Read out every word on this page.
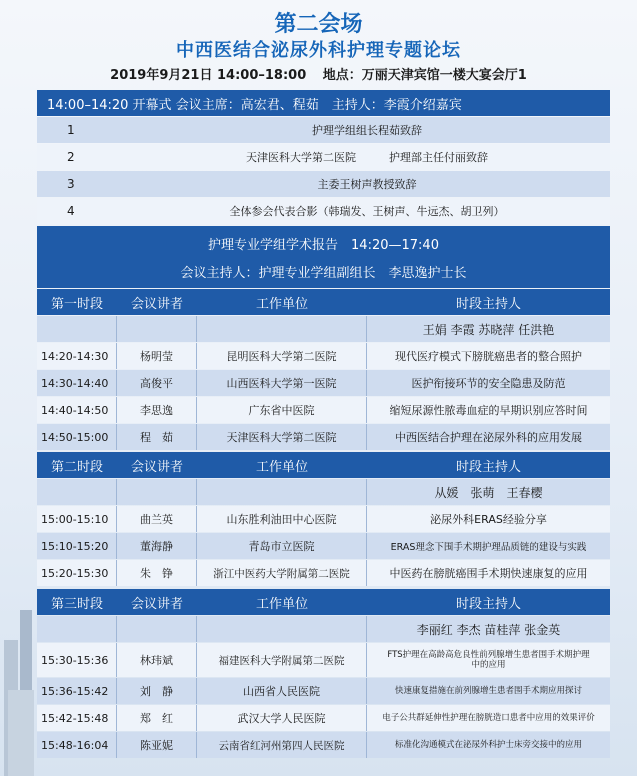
第二会场
中西医结合泌尿外科护理专题论坛
2019年9月21日 14:00–18:00 地点：万丽天津宾馆一楼大宴会厅1
14:00–14:20 开幕式 会议主席：高宏君、程茹　主持人：李霞介绍嘉宾
1	护理学组组长程茹致辞
2	天津医科大学第二医院　　　护理部主任付丽致辞
3	主委王树声教授致辞
4	全体参会代表合影（韩瑞发、王树声、牛远杰、胡卫列）
护理专业学组学术报告　14:20—17:40
会议主持人：护理专业学组副组长　李思逸护士长
第一时段	会议讲者	工作单位	时段主持人
王娟 李霞 苏晓萍 任洪艳
14:20-14:30	杨明莹	昆明医科大学第二医院	现代医疗模式下膀胱癌患者的整合照护
14:30-14:40	高俊平	山西医科大学第一医院	医护衔接环节的安全隐患及防范
14:40-14:50	李思逸	广东省中医院	缩短尿源性脓毒血症的早期识别应答时间
14:50-15:00	程　茹	天津医科大学第二医院	中西医结合护理在泌尿外科的应用发展
第二时段	会议讲者	工作单位	时段主持人
从媛　张萌　王春樱
15:00-15:10	曲兰英	山东胜利油田中心医院	泌尿外科ERAS经验分享
15:10-15:20	董海静	青岛市立医院	ERAS理念下围手术期护理品质链的建设与实践
15:20-15:30	朱　铮	浙江中医药大学附属第二医院	中医药在膀胱癌围手术期快速康复的应用
第三时段	会议讲者	工作单位	时段主持人
李丽红 李杰 苗桂萍 张金英
15:30-15:36	林玮斌	福建医科大学附属第二医院	FTS护理在高龄高危良性前列腺增生患者围手术期护理中的应用
15:36-15:42	刘　静	山西省人民医院	快速康复措施在前列腺增生患者围手术期应用探讨
15:42-15:48	郑　红	武汉大学人民医院	电子公共群延伸性护理在膀胱造口患者中应用的效果评价
15:48-16:04	陈亚妮	云南省红河州第四人民医院	标准化沟通模式在泌尿外科护士床旁交接中的应用
